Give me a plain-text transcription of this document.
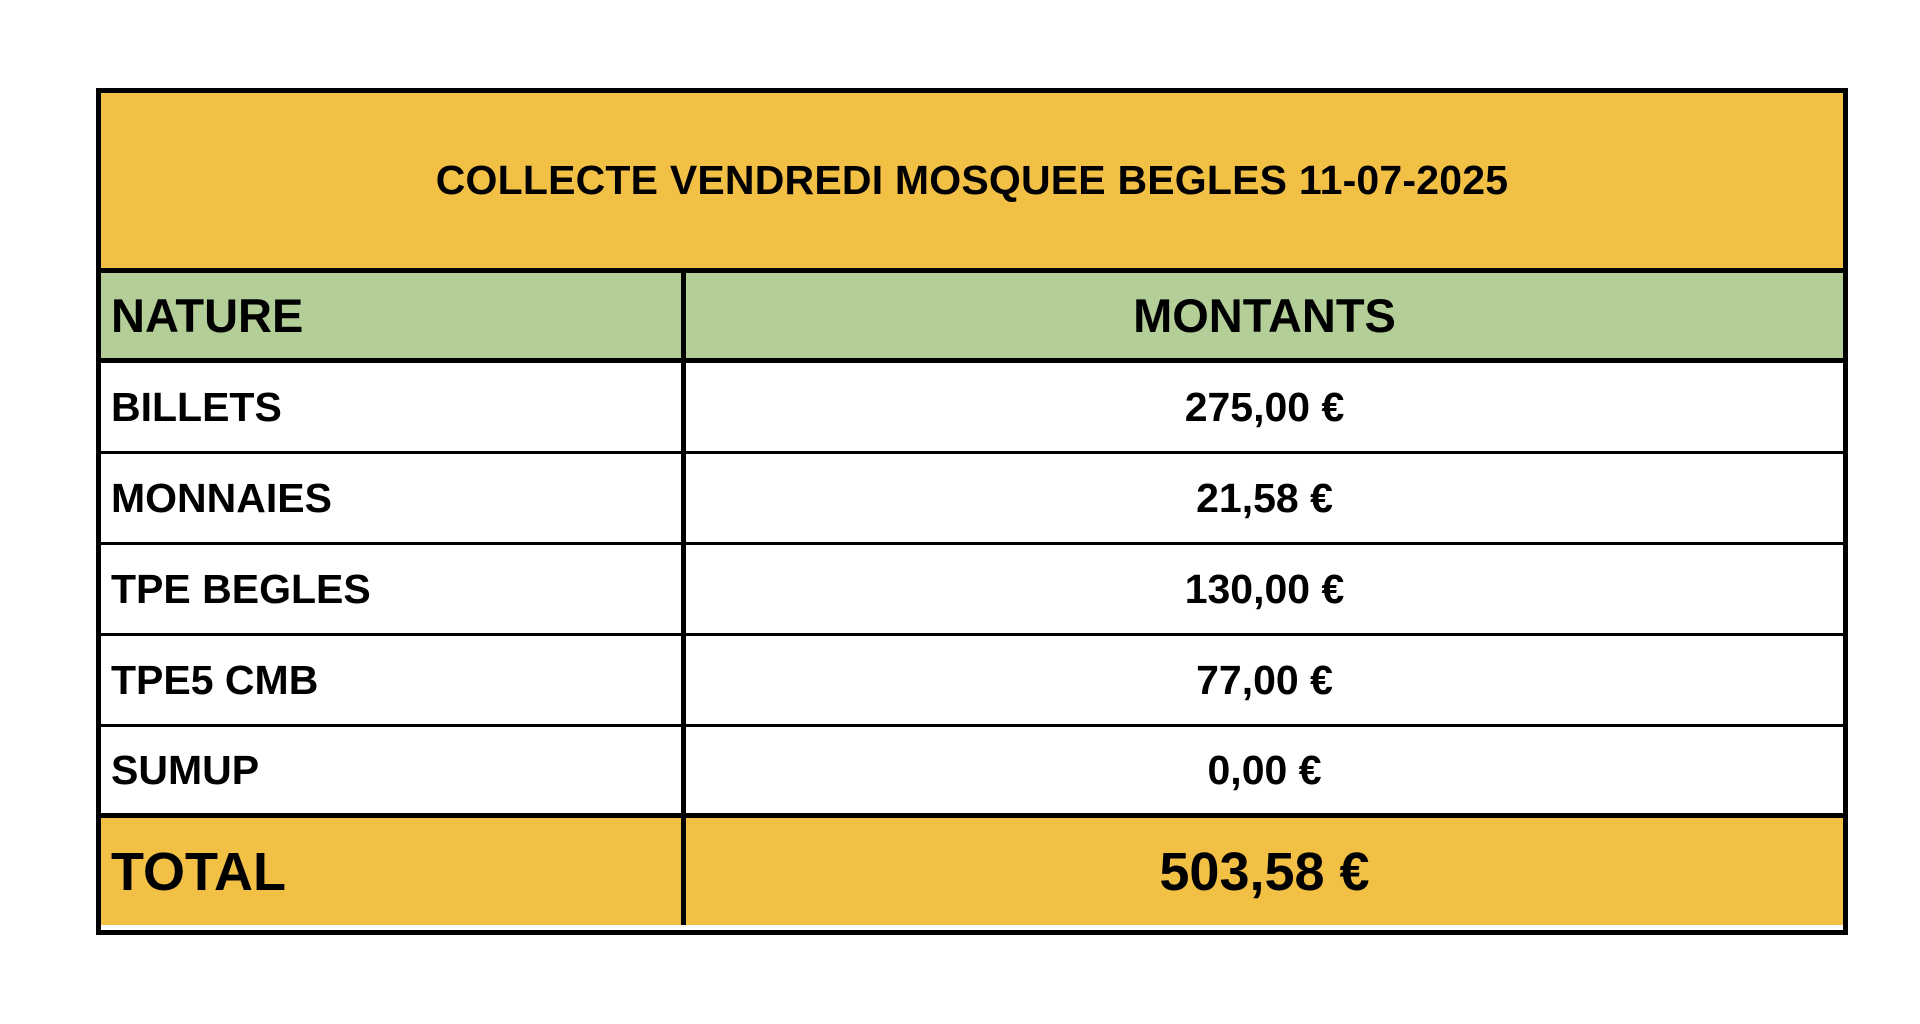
COLLECTE VENDREDI MOSQUEE BEGLES 11-07-2025
NATURE	MONTANTS
BILLETS	275,00 €
MONNAIES	21,58 €
TPE BEGLES	130,00 €
TPE5 CMB	77,00 €
SUMUP	0,00 €
TOTAL	503,58 €
